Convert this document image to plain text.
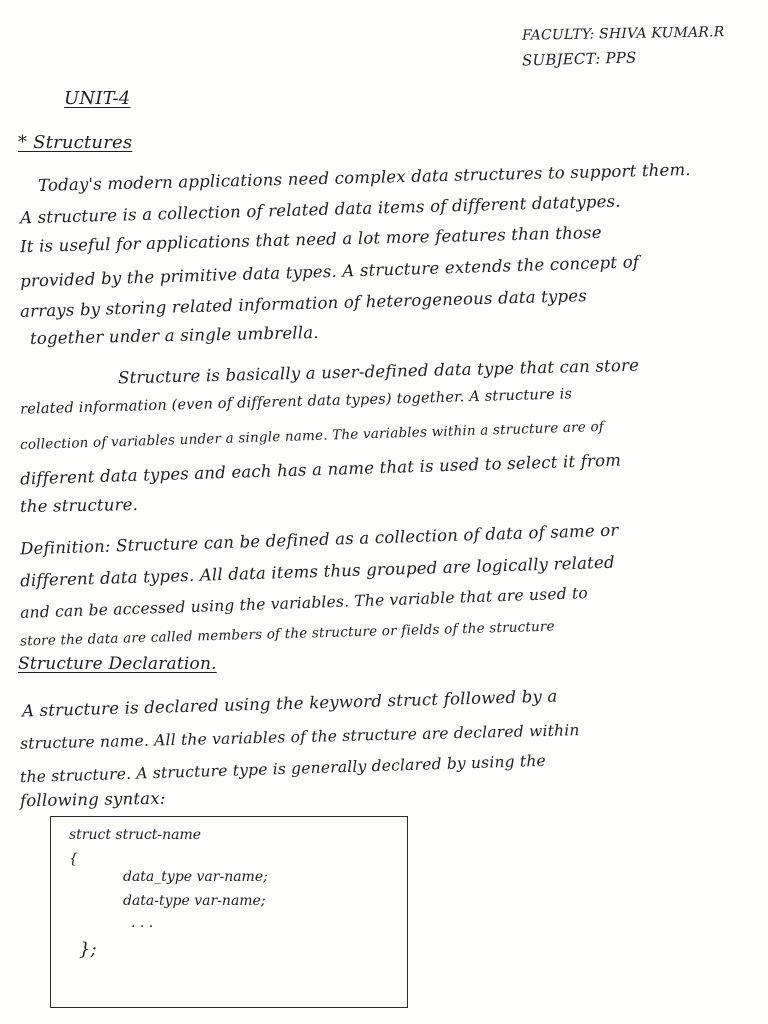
FACULTY: SHIVA KUMAR.R
SUBJECT: PPS
UNIT-4
* Structures
Today's modern applications need complex data structures to support them.
A structure is a collection of related data items of different datatypes.
It is useful for applications that need a lot more features than those
provided by the primitive data types. A structure extends the concept of
arrays by storing related information of heterogeneous data types
together under a single umbrella.
Structure is basically a user-defined data type that can store
related information (even of different data types) together. A structure is
collection of variables under a single name. The variables within a structure are of
different data types and each has a name that is used to select it from
the structure.
Definition: Structure can be defined as a collection of data of same or
different data types. All data items thus grouped are logically related
and can be accessed using the variables. The variable that are used to
store the data are called members of the structure or fields of the structure
Structure Declaration.
A structure is declared using the keyword struct followed by a
structure name. All the variables of the structure are declared within
the structure. A structure type is generally declared by using the
following syntax:
struct struct-name
{
data_type var-name;
data-type var-name;
. . .
};
